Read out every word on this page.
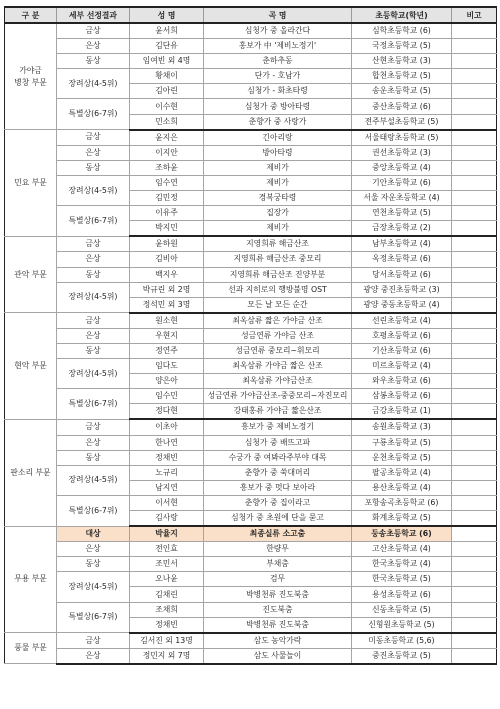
구 분	세부 선정결과	성 명	곡 명	초등학교(학년)	비고
가야금
병창 부문	금상	윤서희	심청가 중 올라간다	심학초등학교 (6)	
	은상	김단유	홍보가 中 '제비노정기'	국정초등학교 (5)	
	동상	임여빈 외 4명	춘하추동	산현초등학교 (3)	
	장려상(4-5위)	황채이	단가 - 호남가	합천초등학교 (5)	
		김아린	심청가 - 화초타령	송운초등학교 (5)	
	특별상(6-7위)	이수현	심청가 중 방아타령	중산초등학교 (6)	
		민소희	춘향가 중 사랑가	전주부설초등학교 (5)	
민요 부문	금상	윤지은	긴아리랑	서울태랑초등학교 (5)	
	은상	이지안	방아타령	권선초등학교 (3)	
	동상	조하윤	제비가	중앙초등학교 (4)	
	장려상(4-5위)	임수연	제비가	기안초등학교 (6)	
		김민정	경복궁타령	서울 자운초등학교 (4)	
	특별상(6-7위)	이유주	집장가	연천초등학교 (5)	
		박지민	제비가	금장초등학교 (2)	
관악 부문	금상	윤하원	지영희류 해금산조	남부초등학교 (4)	
	은상	김비아	지영희류 해금산조 중모리	옥정초등학교 (6)	
	동상	백지우	지영희류 해금산조 진양부분	당서초등학교 (6)	
	장려상(4-5위)	박규린 외 2명	선과 지히로의 행방불명 OST	광양 중진초등학교 (3)	
		정석민 외 3명	모든 날 모든 순간	광양 중동초등학교 (4)	
현악 부문	금상	원소현	최옥삼류 짧은 가야금 산조	선린초등학교 (4)	
	은상	우현지	성금연류 가야금 산조	호평초등학교 (6)	
	동상	정연주	성금연류 중모리~휘모리	기산초등학교 (6)	
	장려상(4-5위)	임다도	최옥삼류 가야금 짧은 산조	미르초등학교 (4)	
		양은아	최옥삼류 가야금산조	와우초등학교 (6)	
	특별상(6-7위)	임수민	성금연류 가야금산조-중중모리~자진모리	삼봉초등학교 (6)	
		정다현	강태홍류 가야금 짧은산조	금강초등학교 (1)	
판소리 부문	금상	이초아	흥보가 중 제비노정기	송원초등학교 (3)	
	은상	한나연	심청가 중 배뜨고파	구룡초등학교 (5)	
	동상	정채빈	수궁가 중 여봐라주부야 대목	운천초등학교 (5)	
	장려상(4-5위)	노규리	춘향가 중 쑥대머리	팔공초등학교 (4)	
		남지연	흥보가 중 멋다 보아라	용산초등학교 (4)	
	특별상(6-7위)	이서현	춘향가 중 집이라고	포항송곡초등학교 (6)	
		김사랑	심청가 중 초원에 단을 묻고	화계초등학교 (5)	
무용 부문	대상	박율지	최종실류 소고춤	둥송초등학교 (6)	
	은상	전인효	한량무	고산초등학교 (4)	
	동상	조민서	부채춤	한국초등학교 (4)	
	장려상(4-5위)	오나윤	검무	한국초등학교 (5)	
		김채린	박병천류 진도북춤	용성초등학교 (6)	
	특별상(6-7위)	조채희	진도북춤	신동초등학교 (5)	
		정채빈	박병천류 진도북춤	신형원초등학교 (5)	
풍물 부문	금상	김서진 외 13명	삼도 농악가락	미동초등학교 (5,6)	
	은상	정민지 외 7명	삼도 사물놀이	중진초등학교 (5)	
